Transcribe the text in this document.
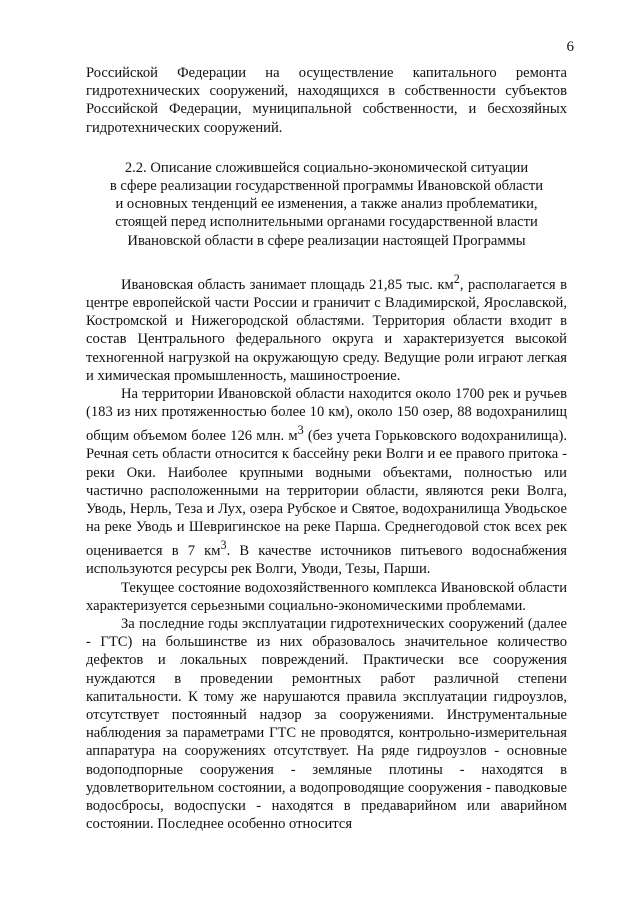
6

Российской Федерации на осуществление капитального ремонта гидротехнических сооружений, находящихся в собственности субъектов Российской Федерации, муниципальной собственности, и бесхозяйных гидротехнических сооружений.

2.2. Описание сложившейся социально-экономической ситуации
в сфере реализации государственной программы Ивановской области
и основных тенденций ее изменения, а также анализ проблематики,
стоящей перед исполнительными органами государственной власти
Ивановской области в сфере реализации настоящей Программы

Ивановская область занимает площадь 21,85 тыс. $км^2$, располагается в центре европейской части России и граничит с Владимирской, Ярославской, Костромской и Нижегородской областями. Территория области входит в состав Центрального федерального округа и характеризуется высокой техногенной нагрузкой на окружающую среду. Ведущие роли играют легкая и химическая промышленность, машиностроение.

На территории Ивановской области находится около 1700 рек и ручьев (183 из них протяженностью более 10 км), около 150 озер, 88 водохранилищ общим объемом более 126 млн. $м^3$ (без учета Горьковского водохранилища). Речная сеть области относится к бассейну реки Волги и ее правого притока - реки Оки. Наиболее крупными водными объектами, полностью или частично расположенными на территории области, являются реки Волга, Уводь, Нерль, Теза и Лух, озера Рубское и Святое, водохранилища Уводьское на реке Уводь и Шевригинское на реке Парша. Среднегодовой сток всех рек оценивается в 7 $км^3$. В качестве источников питьевого водоснабжения используются ресурсы рек Волги, Уводи, Тезы, Парши.

Текущее состояние водохозяйственного комплекса Ивановской области характеризуется серьезными социально-экономическими проблемами.

За последние годы эксплуатации гидротехнических сооружений (далее - ГТС) на большинстве из них образовалось значительное количество дефектов и локальных повреждений. Практически все сооружения нуждаются в проведении ремонтных работ различной степени капитальности. К тому же нарушаются правила эксплуатации гидроузлов, отсутствует постоянный надзор за сооружениями. Инструментальные наблюдения за параметрами ГТС не проводятся, контрольно-измерительная аппаратура на сооружениях отсутствует. На ряде гидроузлов - основные водоподпорные сооружения - земляные плотины - находятся в удовлетворительном состоянии, а водопроводящие сооружения - паводковые водосбросы, водоспуски - находятся в предаварийном или аварийном состоянии. Последнее особенно относится
